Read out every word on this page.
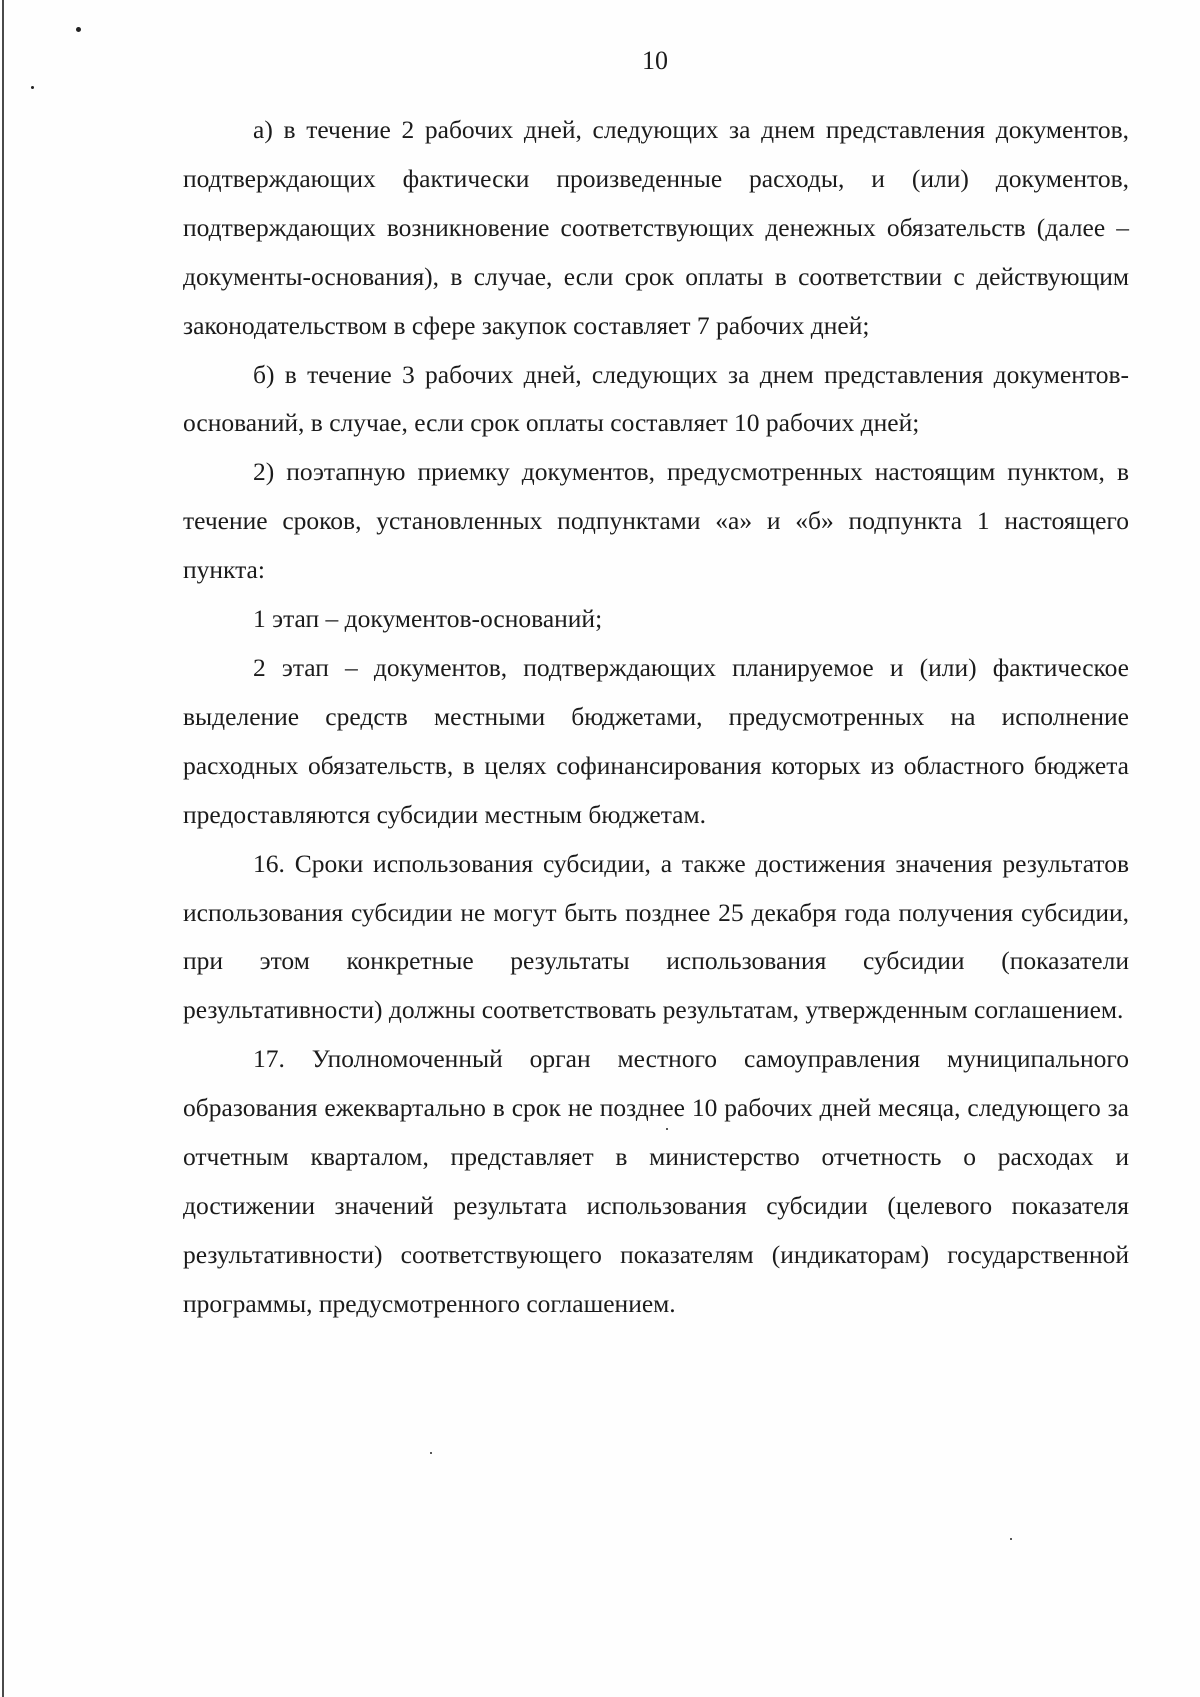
10

а) в течение 2 рабочих дней, следующих за днем представления документов, подтверждающих фактически произведенные расходы, и (или) документов, подтверждающих возникновение соответствующих денежных обязательств (далее – документы-основания), в случае, если срок оплаты в соответствии с действующим законодательством в сфере закупок составляет 7 рабочих дней;

б) в течение 3 рабочих дней, следующих за днем представления документов-оснований, в случае, если срок оплаты составляет 10 рабочих дней;

2) поэтапную приемку документов, предусмотренных настоящим пунктом, в течение сроков, установленных подпунктами «а» и «б» подпункта 1 настоящего пункта:

1 этап – документов-оснований;

2 этап – документов, подтверждающих планируемое и (или) фактическое выделение средств местными бюджетами, предусмотренных на исполнение расходных обязательств, в целях софинансирования которых из областного бюджета предоставляются субсидии местным бюджетам.

16. Сроки использования субсидии, а также достижения значения результатов использования субсидии не могут быть позднее 25 декабря года получения субсидии, при этом конкретные результаты использования субсидии (показатели результативности) должны соответствовать результатам, утвержденным соглашением.

17. Уполномоченный орган местного самоуправления муниципального образования ежеквартально в срок не позднее 10 рабочих дней месяца, следующего за отчетным кварталом, представляет в министерство отчетность о расходах и достижении значений результата использования субсидии (целевого показателя результативности) соответствующего показателям (индикаторам) государственной программы, предусмотренного соглашением.
